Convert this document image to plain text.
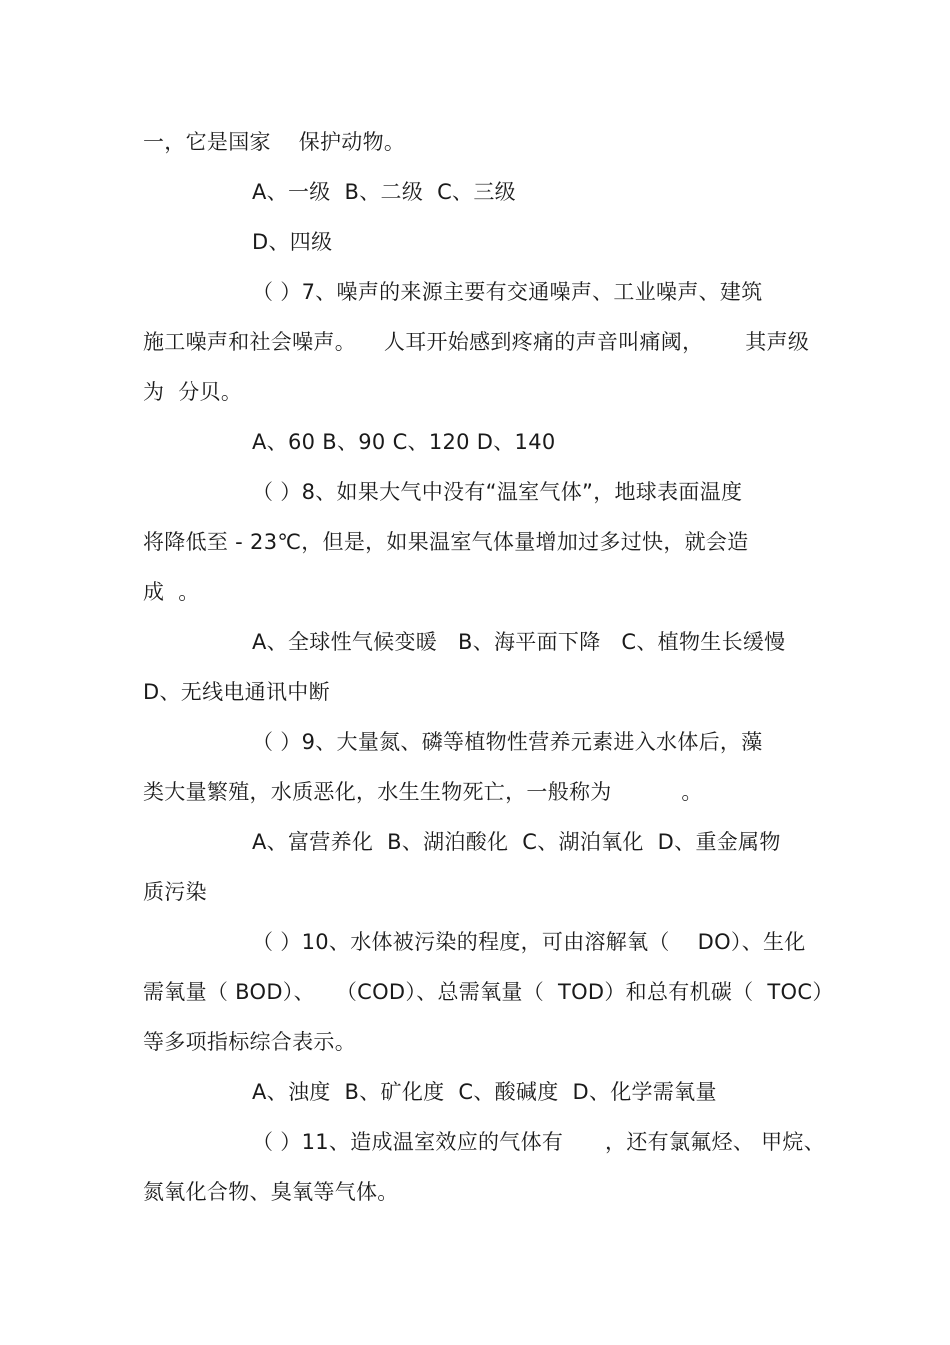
一，它是国家    保护动物。
A、一级  B、二级  C、三级
D、四级
（ ）7、噪声的来源主要有交通噪声、工业噪声、建筑
施工噪声和社会噪声。    人耳开始感到疼痛的声音叫痛阈，      其声级
为  分贝。
A、60 B、90 C、120 D、140
（ ）8、如果大气中没有“温室气体”，地球表面温度
将降低至 - 23℃，但是，如果温室气体量增加过多过快，就会造
成  。
A、全球性气候变暖   B、海平面下降   C、植物生长缓慢
D、无线电通讯中断
（ ）9、大量氮、磷等植物性营养元素进入水体后，藻
类大量繁殖，水质恶化，水生生物死亡，一般称为          。
A、富营养化  B、湖泊酸化  C、湖泊氧化  D、重金属物
质污染
（ ）10、水体被污染的程度，可由溶解氧（    DO）、生化
需氧量（ BOD）、   （COD）、总需氧量（  TOD）和总有机碳（  TOC）
等多项指标综合表示。
A、浊度  B、矿化度  C、酸碱度  D、化学需氧量
（ ）11、造成温室效应的气体有      ，还有氯氟烃、 甲烷、
氮氧化合物、臭氧等气体。
